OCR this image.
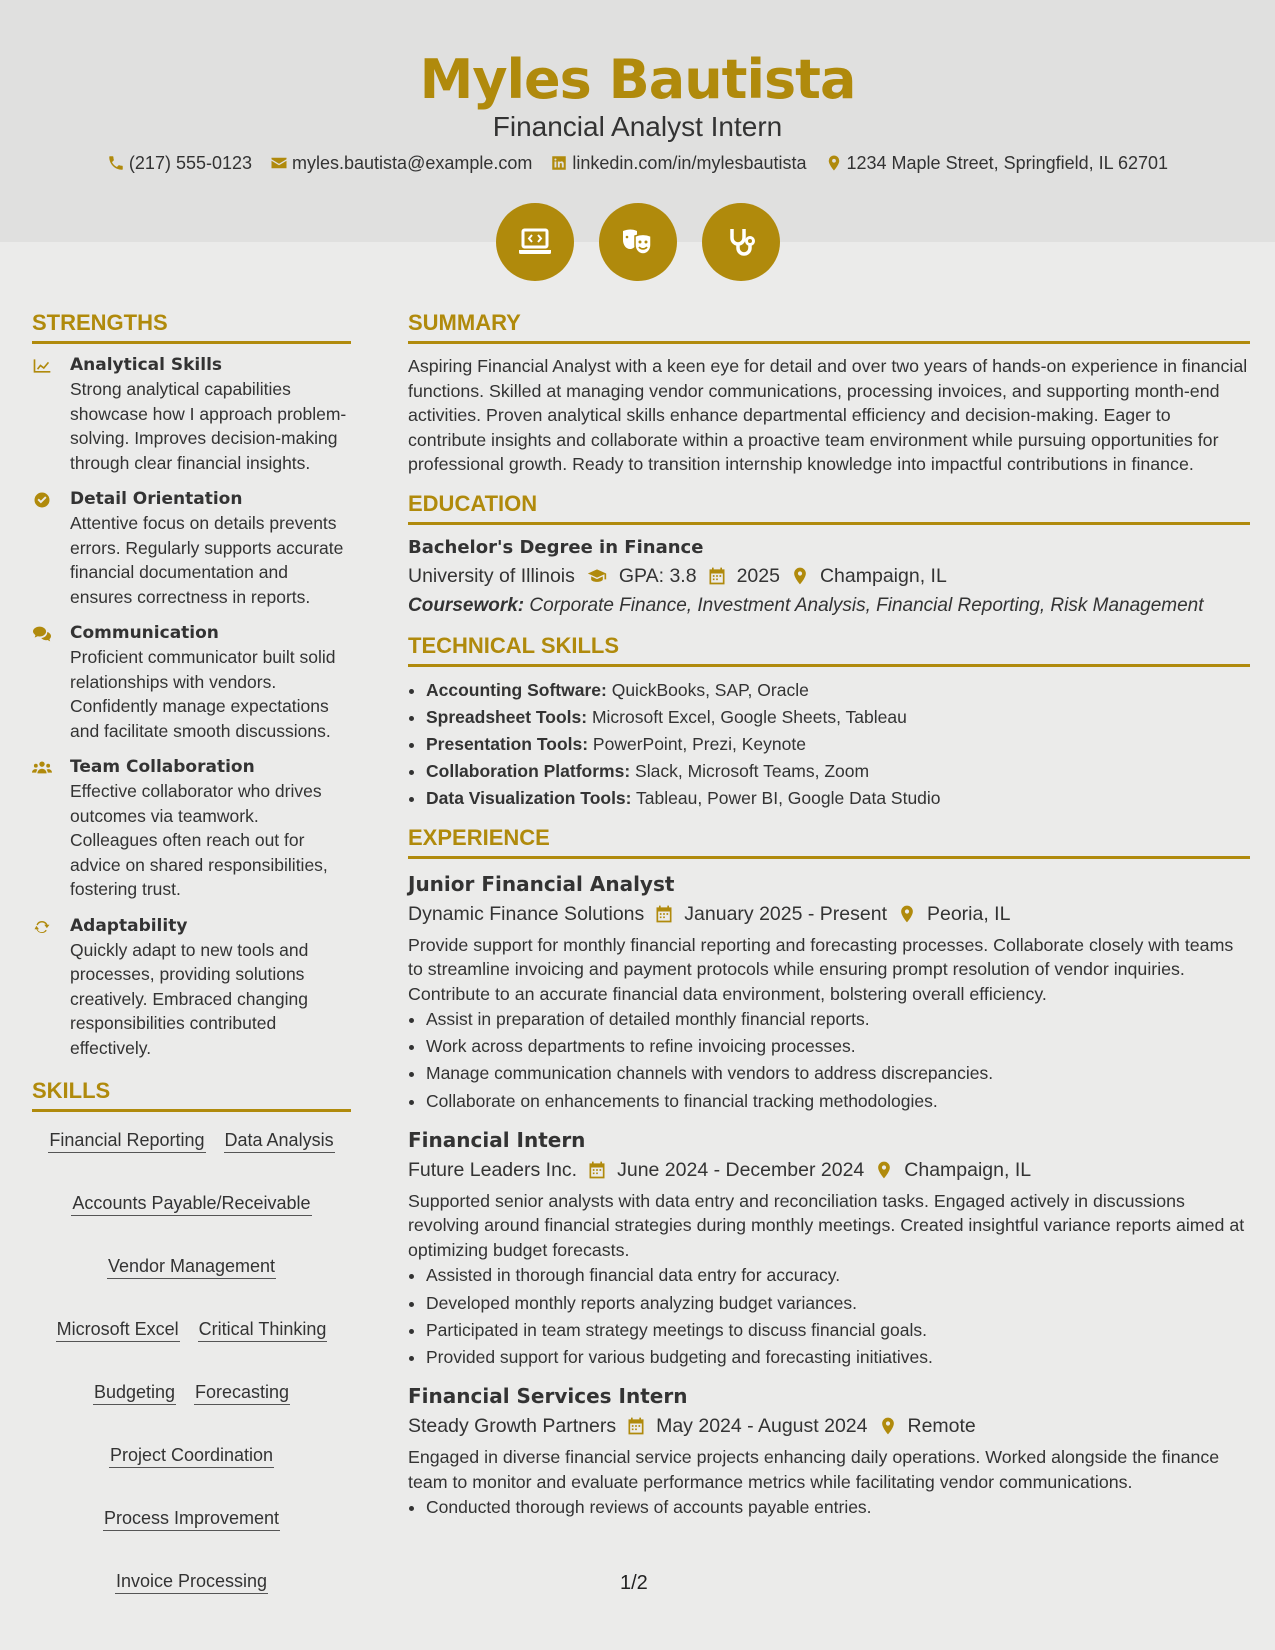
Myles Bautista
Financial Analyst Intern
(217) 555-0123 myles.bautista@example.com linkedin.com/in/mylesbautista 1234 Maple Street, Springfield, IL 62701
STRENGTHS
Analytical Skills

Strong analytical capabilities showcase how I approach problem-solving. Improves decision-making through clear financial insights.

Detail Orientation

Attentive focus on details prevents errors. Regularly supports accurate financial documentation and ensures correctness in reports.

Communication

Proficient communicator built solid relationships with vendors. Confidently manage expectations and facilitate smooth discussions.

Team Collaboration

Effective collaborator who drives outcomes via teamwork. Colleagues often reach out for advice on shared responsibilities, fostering trust.

Adaptability

Quickly adapt to new tools and processes, providing solutions creatively. Embraced changing responsibilities contributed effectively.

SKILLS
Financial Reporting Data Analysis
Accounts Payable/Receivable
Vendor Management
Microsoft Excel Critical Thinking
Budgeting Forecasting
Project Coordination
Process Improvement
Invoice Processing
SUMMARY

Aspiring Financial Analyst with a keen eye for detail and over two years of hands-on experience in financial functions. Skilled at managing vendor communications, processing invoices, and supporting month-end activities. Proven analytical skills enhance departmental efficiency and decision-making. Eager to contribute insights and collaborate within a proactive team environment while pursuing opportunities for professional growth. Ready to transition internship knowledge into impactful contributions in finance.

EDUCATION
Bachelor's Degree in Finance
University of Illinois GPA: 3.8 2025 Champaign, IL
Coursework: Corporate Finance, Investment Analysis, Financial Reporting, Risk Management
TECHNICAL SKILLS
• Accounting Software: QuickBooks, SAP, Oracle
• Spreadsheet Tools: Microsoft Excel, Google Sheets, Tableau
• Presentation Tools: PowerPoint, Prezi, Keynote
• Collaboration Platforms: Slack, Microsoft Teams, Zoom
• Data Visualization Tools: Tableau, Power BI, Google Data Studio
EXPERIENCE
Junior Financial Analyst
Dynamic Finance Solutions January 2025 - Present Peoria, IL

Provide support for monthly financial reporting and forecasting processes. Collaborate closely with teams to streamline invoicing and payment protocols while ensuring prompt resolution of vendor inquiries. Contribute to an accurate financial data environment, bolstering overall efficiency.

• Assist in preparation of detailed monthly financial reports.
• Work across departments to refine invoicing processes.
• Manage communication channels with vendors to address discrepancies.
• Collaborate on enhancements to financial tracking methodologies.
Financial Intern
Future Leaders Inc. June 2024 - December 2024 Champaign, IL

Supported senior analysts with data entry and reconciliation tasks. Engaged actively in discussions revolving around financial strategies during monthly meetings. Created insightful variance reports aimed at optimizing budget forecasts.

• Assisted in thorough financial data entry for accuracy.
• Developed monthly reports analyzing budget variances.
• Participated in team strategy meetings to discuss financial goals.
• Provided support for various budgeting and forecasting initiatives.
Financial Services Intern
Steady Growth Partners May 2024 - August 2024 Remote

Engaged in diverse financial service projects enhancing daily operations. Worked alongside the finance team to monitor and evaluate performance metrics while facilitating vendor communications.

• Conducted thorough reviews of accounts payable entries.
1/2
